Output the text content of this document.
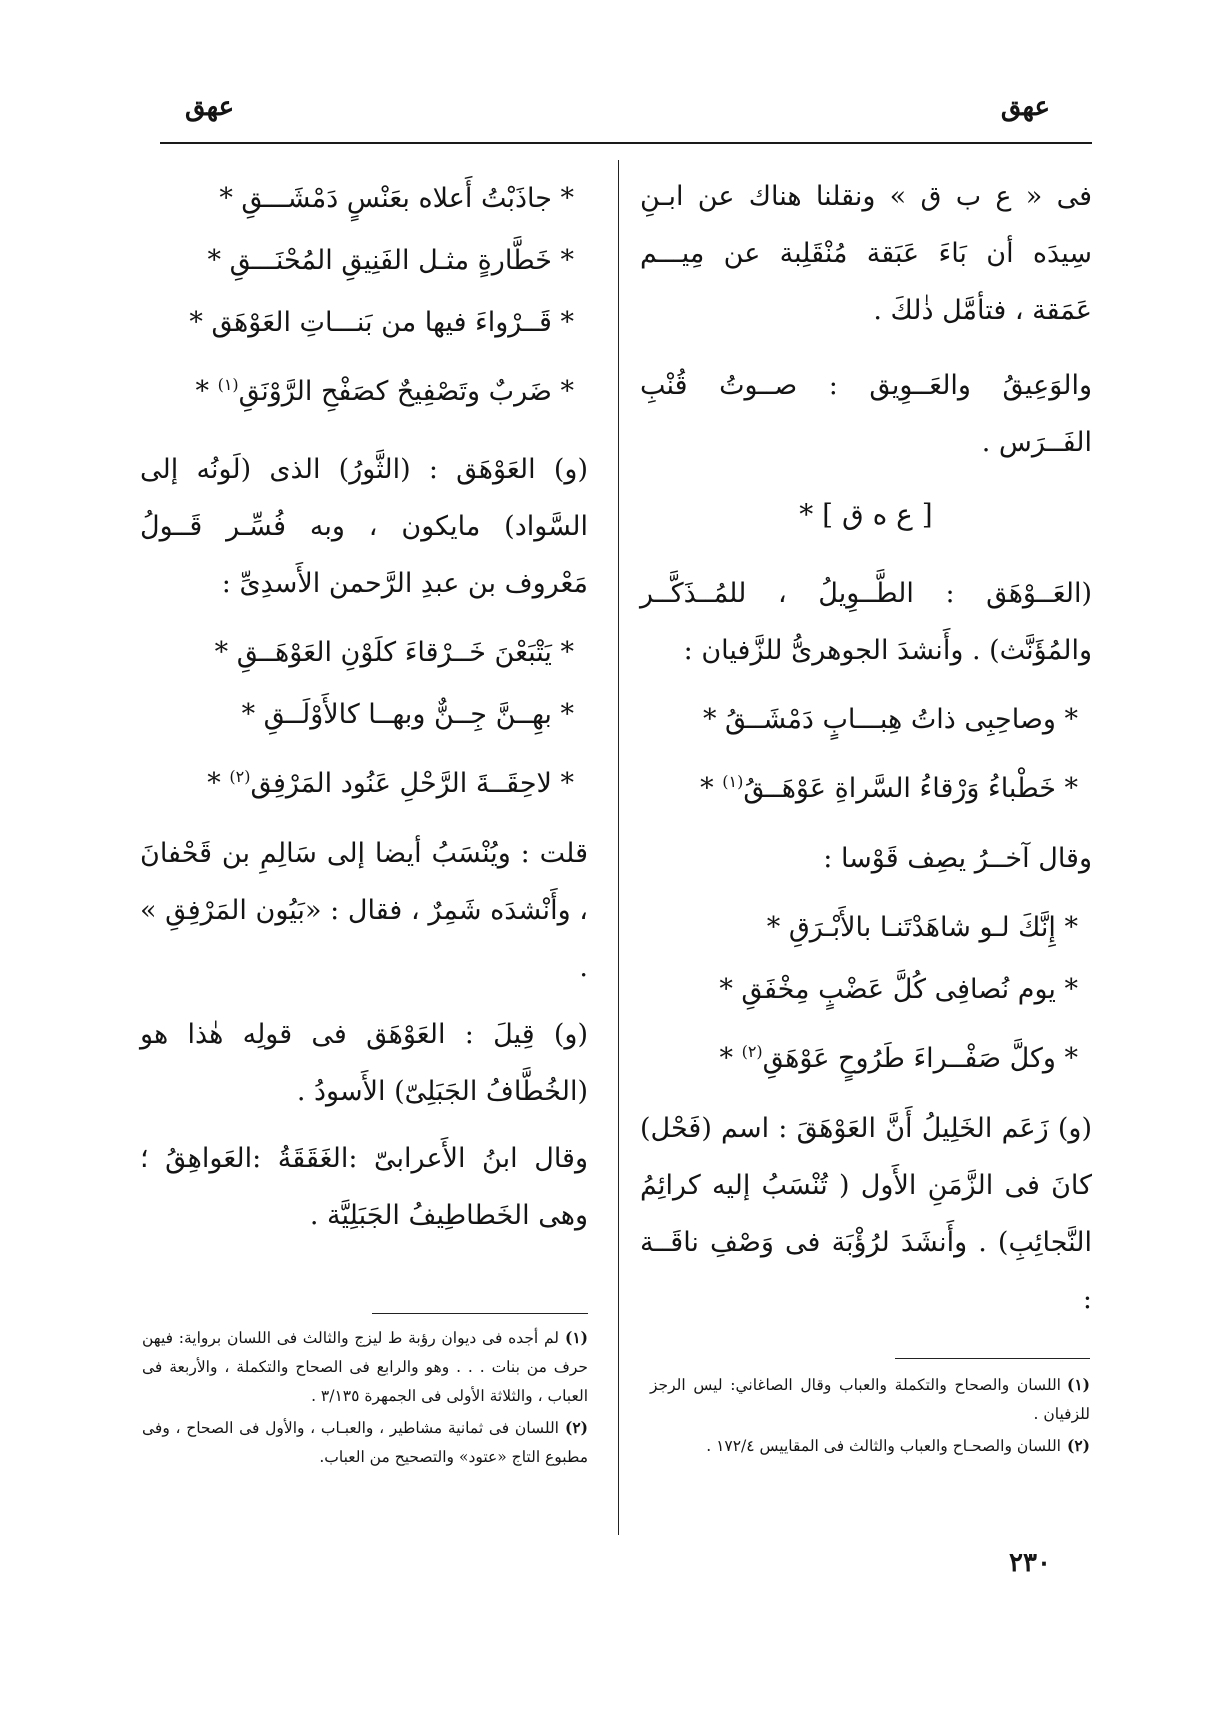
عهق
عهق

فى « ع ب ق » ونقلنا هناك عن ابـنِ سِيدَه أن بَاءَ عَبَقة مُنْقَلِبة عن مِيـــم عَمَقة ، فتأمَّل ذٰلكَ .

والوَعِيقُ والعَــوِيق : صــوتُ قُنْبِ الفَــرَس .

[ ع ه ق ] *

(العَــوْهَق : الطَّــوِيلُ ، للمُــذَكَّــر والمُؤَنَّث) . وأَنشدَ الجوهرىُّ للزَّفيان :

* وصاحِبِى ذاتُ هِبـــابٍ دَمْشَــقُ *
* خَطْباءُ وَرْقاءُ السَّراةِ عَوْهَــقُ$^{(١)}$ *

وقال آخــرُ يصِف قَوْسا :

* إِنَّكَ لـو شاهَدْتَنـا بالأَبْـرَقِ *
* يوم نُصافِى كُلَّ عَضْبٍ مِخْفَقِ *
* وكلَّ صَفْــراءَ طَرُوحٍ عَوْهَقِ$^{(٢)}$ *

(و) زَعَم الخَلِيلُ أَنَّ العَوْهَقَ : اسم (فَحْل) كانَ فى الزَّمَنِ الأَول ( تُنْسَبُ إليه كرائِمُ النَّجائِبِ) . وأَنشَدَ لرُؤْبَة فى وَصْفِ ناقَــة :

* جاذَبْتُ أَعلاه بعَنْسٍ دَمْشَـــقِ *
* خَطَّارةٍ مثـل الفَنِيقِ المُحْنَـــقِ *
* قَــرْواءَ فيها من بَنـــاتِ العَوْهَق *
* ضَربٌ وتَصْفِيحٌ كصَفْحِ الرَّوْنَقِ$^{(١)}$ *

(و) العَوْهَق : (الثَّورُ) الذى (لَونُه إلى السَّواد) مايكون ، وبه فُسِّـر قَــولُ مَعْروف بن عبدِ الرَّحمن الأَسدِىِّ :

* يَتْبَعْنَ خَــرْقاءَ كلَوْنِ العَوْهَــقِ *
* بهِــنَّ جِــنٌّ وبهــا كالأَوْلَــقِ *
* لاحِقَــةَ الرَّحْلِ عَنُود المَرْفِق$^{(٢)}$ *

قلت : ويُنْسَبُ أيضا إلى سَالِمِ بن قَحْفانَ ، وأَنْشدَه شَمِرٌ ، فقال : «بَيُون المَرْفِقِ » .

(و) قِيلَ : العَوْهَق فى قولِه هٰذا هو (الخُطَّافُ الجَبَلِىّ) الأَسودُ .

وقال ابنُ الأَعرابىّ :الغَقَقَةُ :العَواهِقُ ؛ وهى الخَطاطِيفُ الجَبَلِيَّة .

(١)اللسان والصحاح والتكملة والعباب وقال الصاغاني: ليس الرجز للزفيان .

(٢)اللسان والصحـاح والعباب والثالث فى المقاييس ١٧٢/٤ .

(١)لم أجده فى ديوان رؤبة ط ليزج والثالث فى اللسان برواية: فيهن حرف من بنات . . . وهو والرابع فى الصحاح والتكملة ، والأربعة فى العباب ، والثلاثة الأولى فى الجمهرة ٣/١٣٥ .

(٢)اللسان فى ثمانية مشاطير ، والعبـاب ، والأول فى الصحاح ، وفى مطبوع التاج «عتود» والتصحيح من العباب.

٢٣٠
